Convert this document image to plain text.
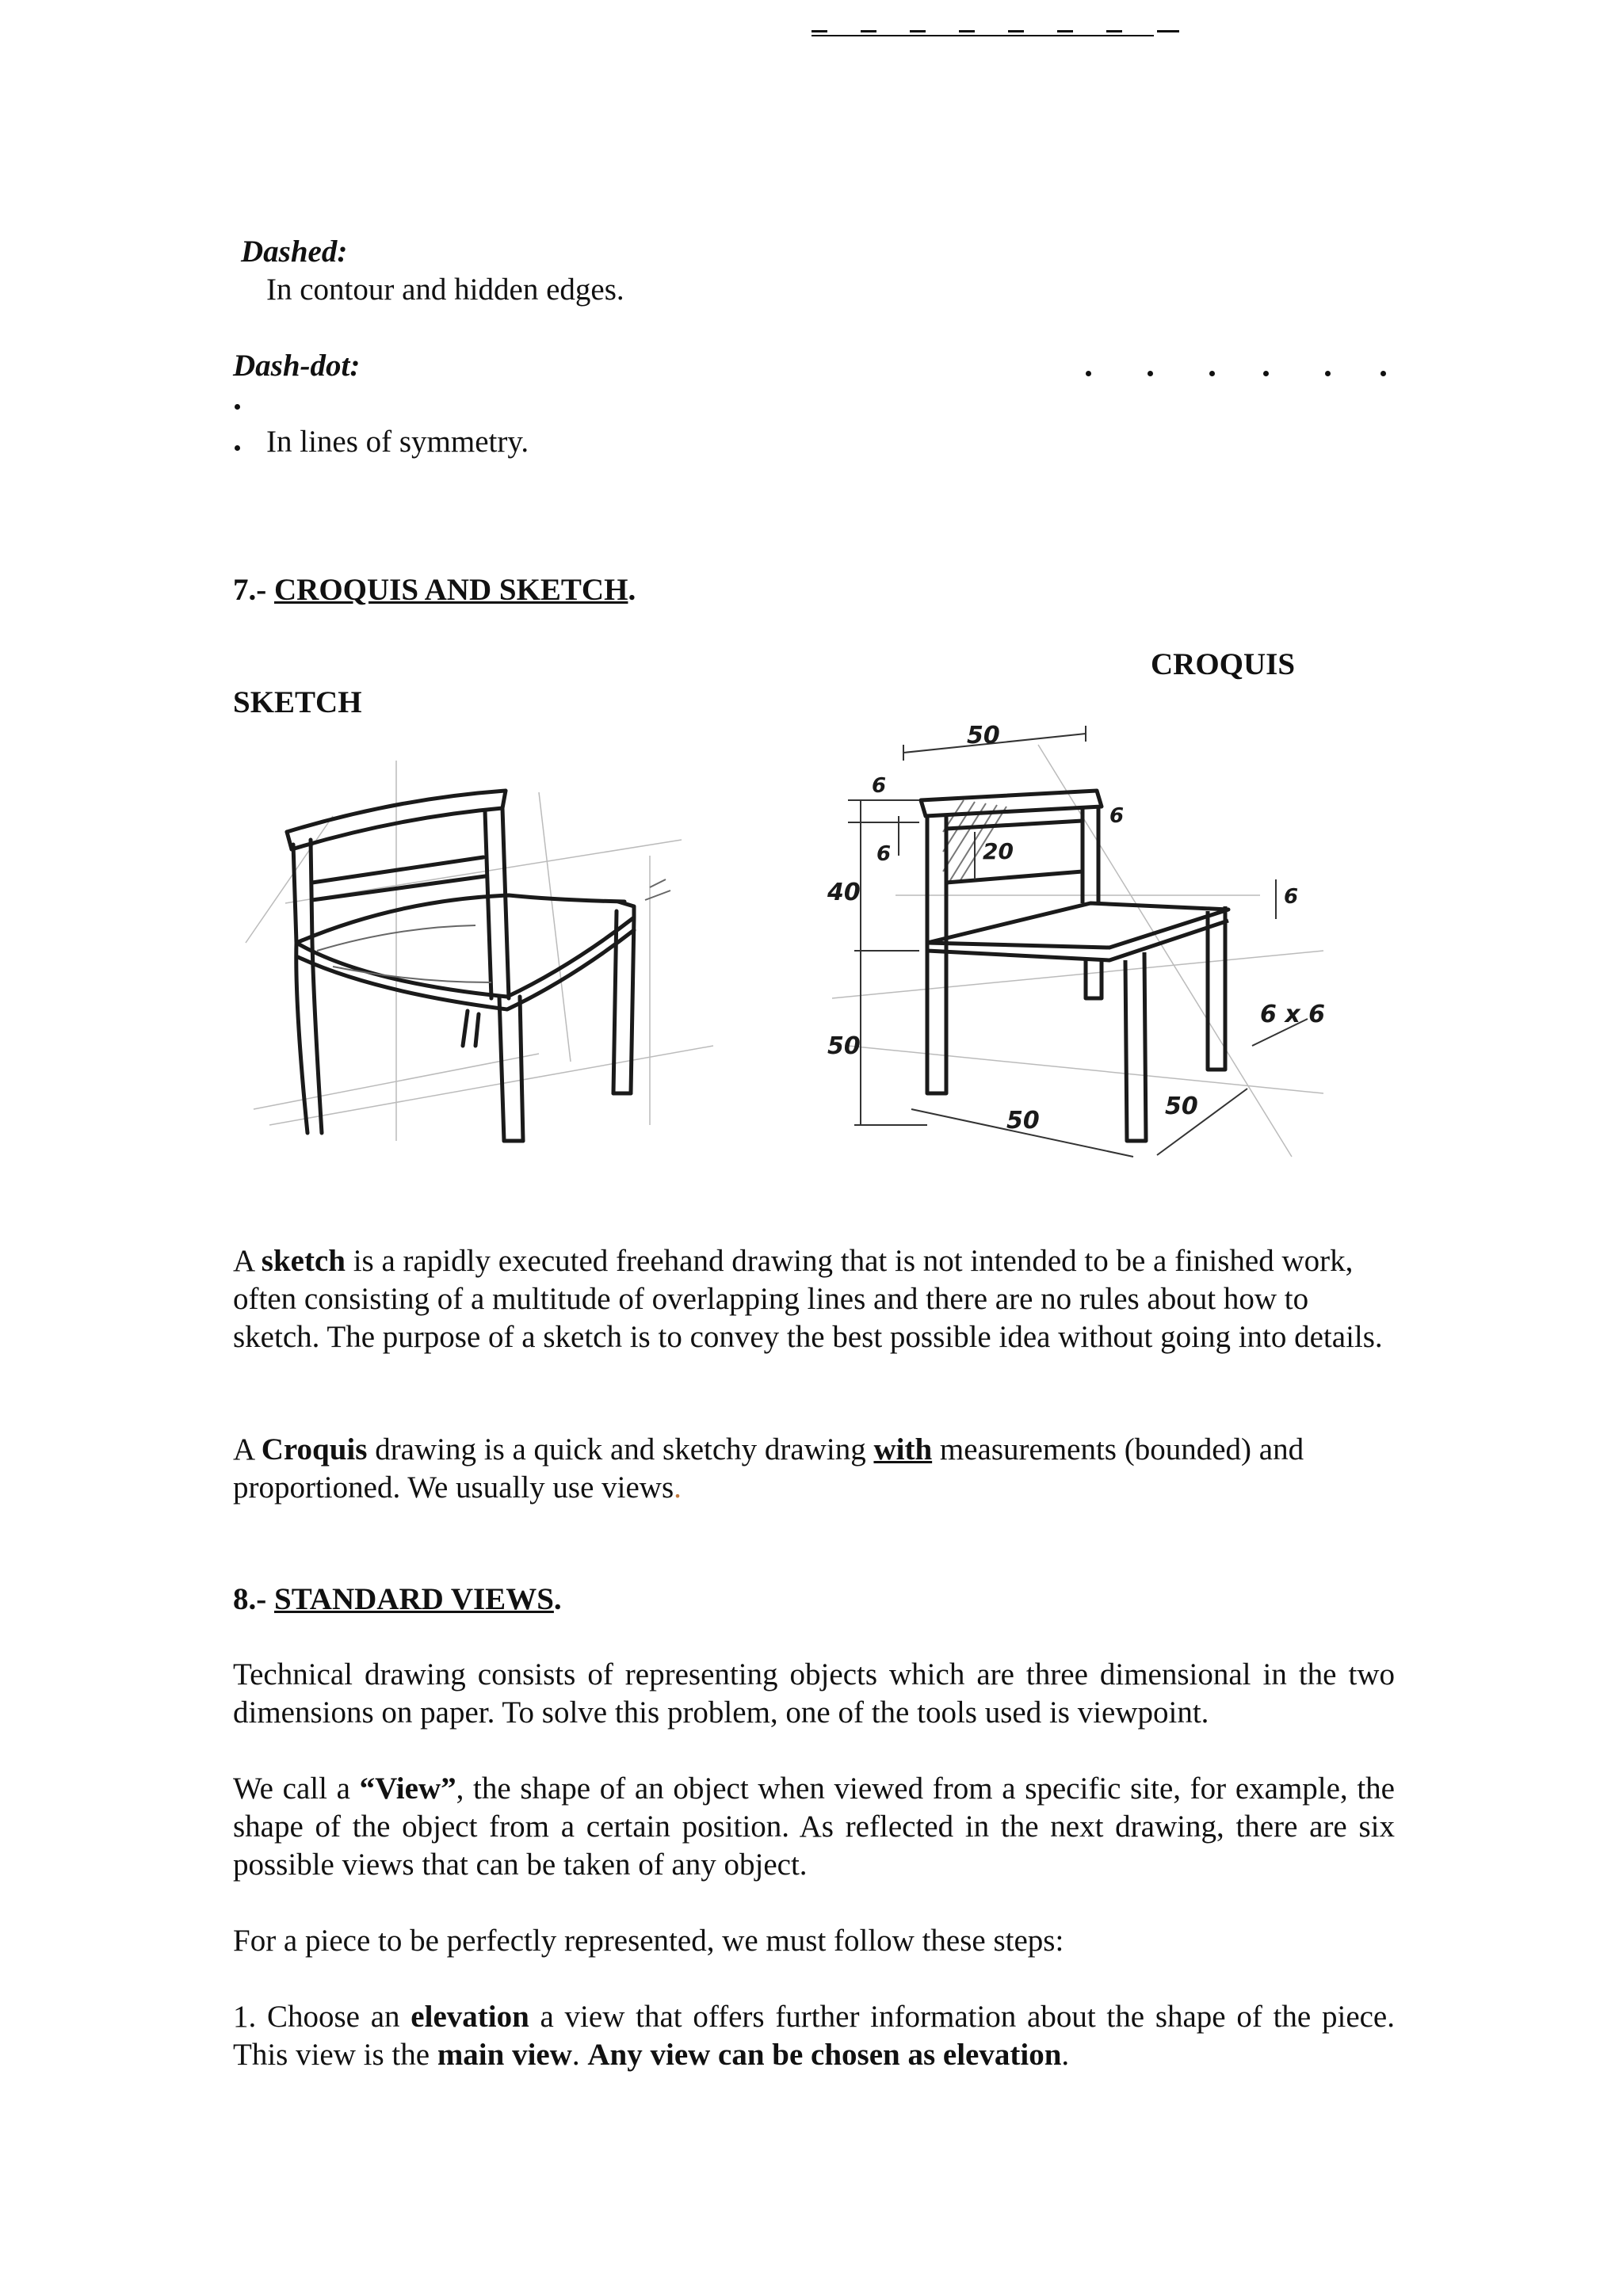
Dashed:
In contour and hidden edges.
Dash-dot:
In lines of symmetry.
7.- CROQUIS AND SKETCH.
CROQUIS
SKETCH
50
6
6
6	20
40	6
6 x 6
50
50
50
A sketch is a rapidly executed freehand drawing that is not intended to be a finished work, often consisting of a multitude of overlapping lines and there are no rules about how to sketch. The purpose of a sketch is to convey the best possible idea without going into details.
A Croquis drawing is a quick and sketchy drawing with measurements (bounded) and proportioned. We usually use views.
8.- STANDARD VIEWS.
Technical drawing consists of representing objects which are three dimensional in the two dimensions on paper. To solve this problem, one of the tools used is viewpoint.
We call a “View”, the shape of an object when viewed from a specific site, for example, the shape of the object from a certain position. As reflected in the next drawing, there are six possible views that can be taken of any object.
For a piece to be perfectly represented, we must follow these steps:
1. Choose an elevation a view that offers further information about the shape of the piece. This view is the main view. Any view can be chosen as elevation.
